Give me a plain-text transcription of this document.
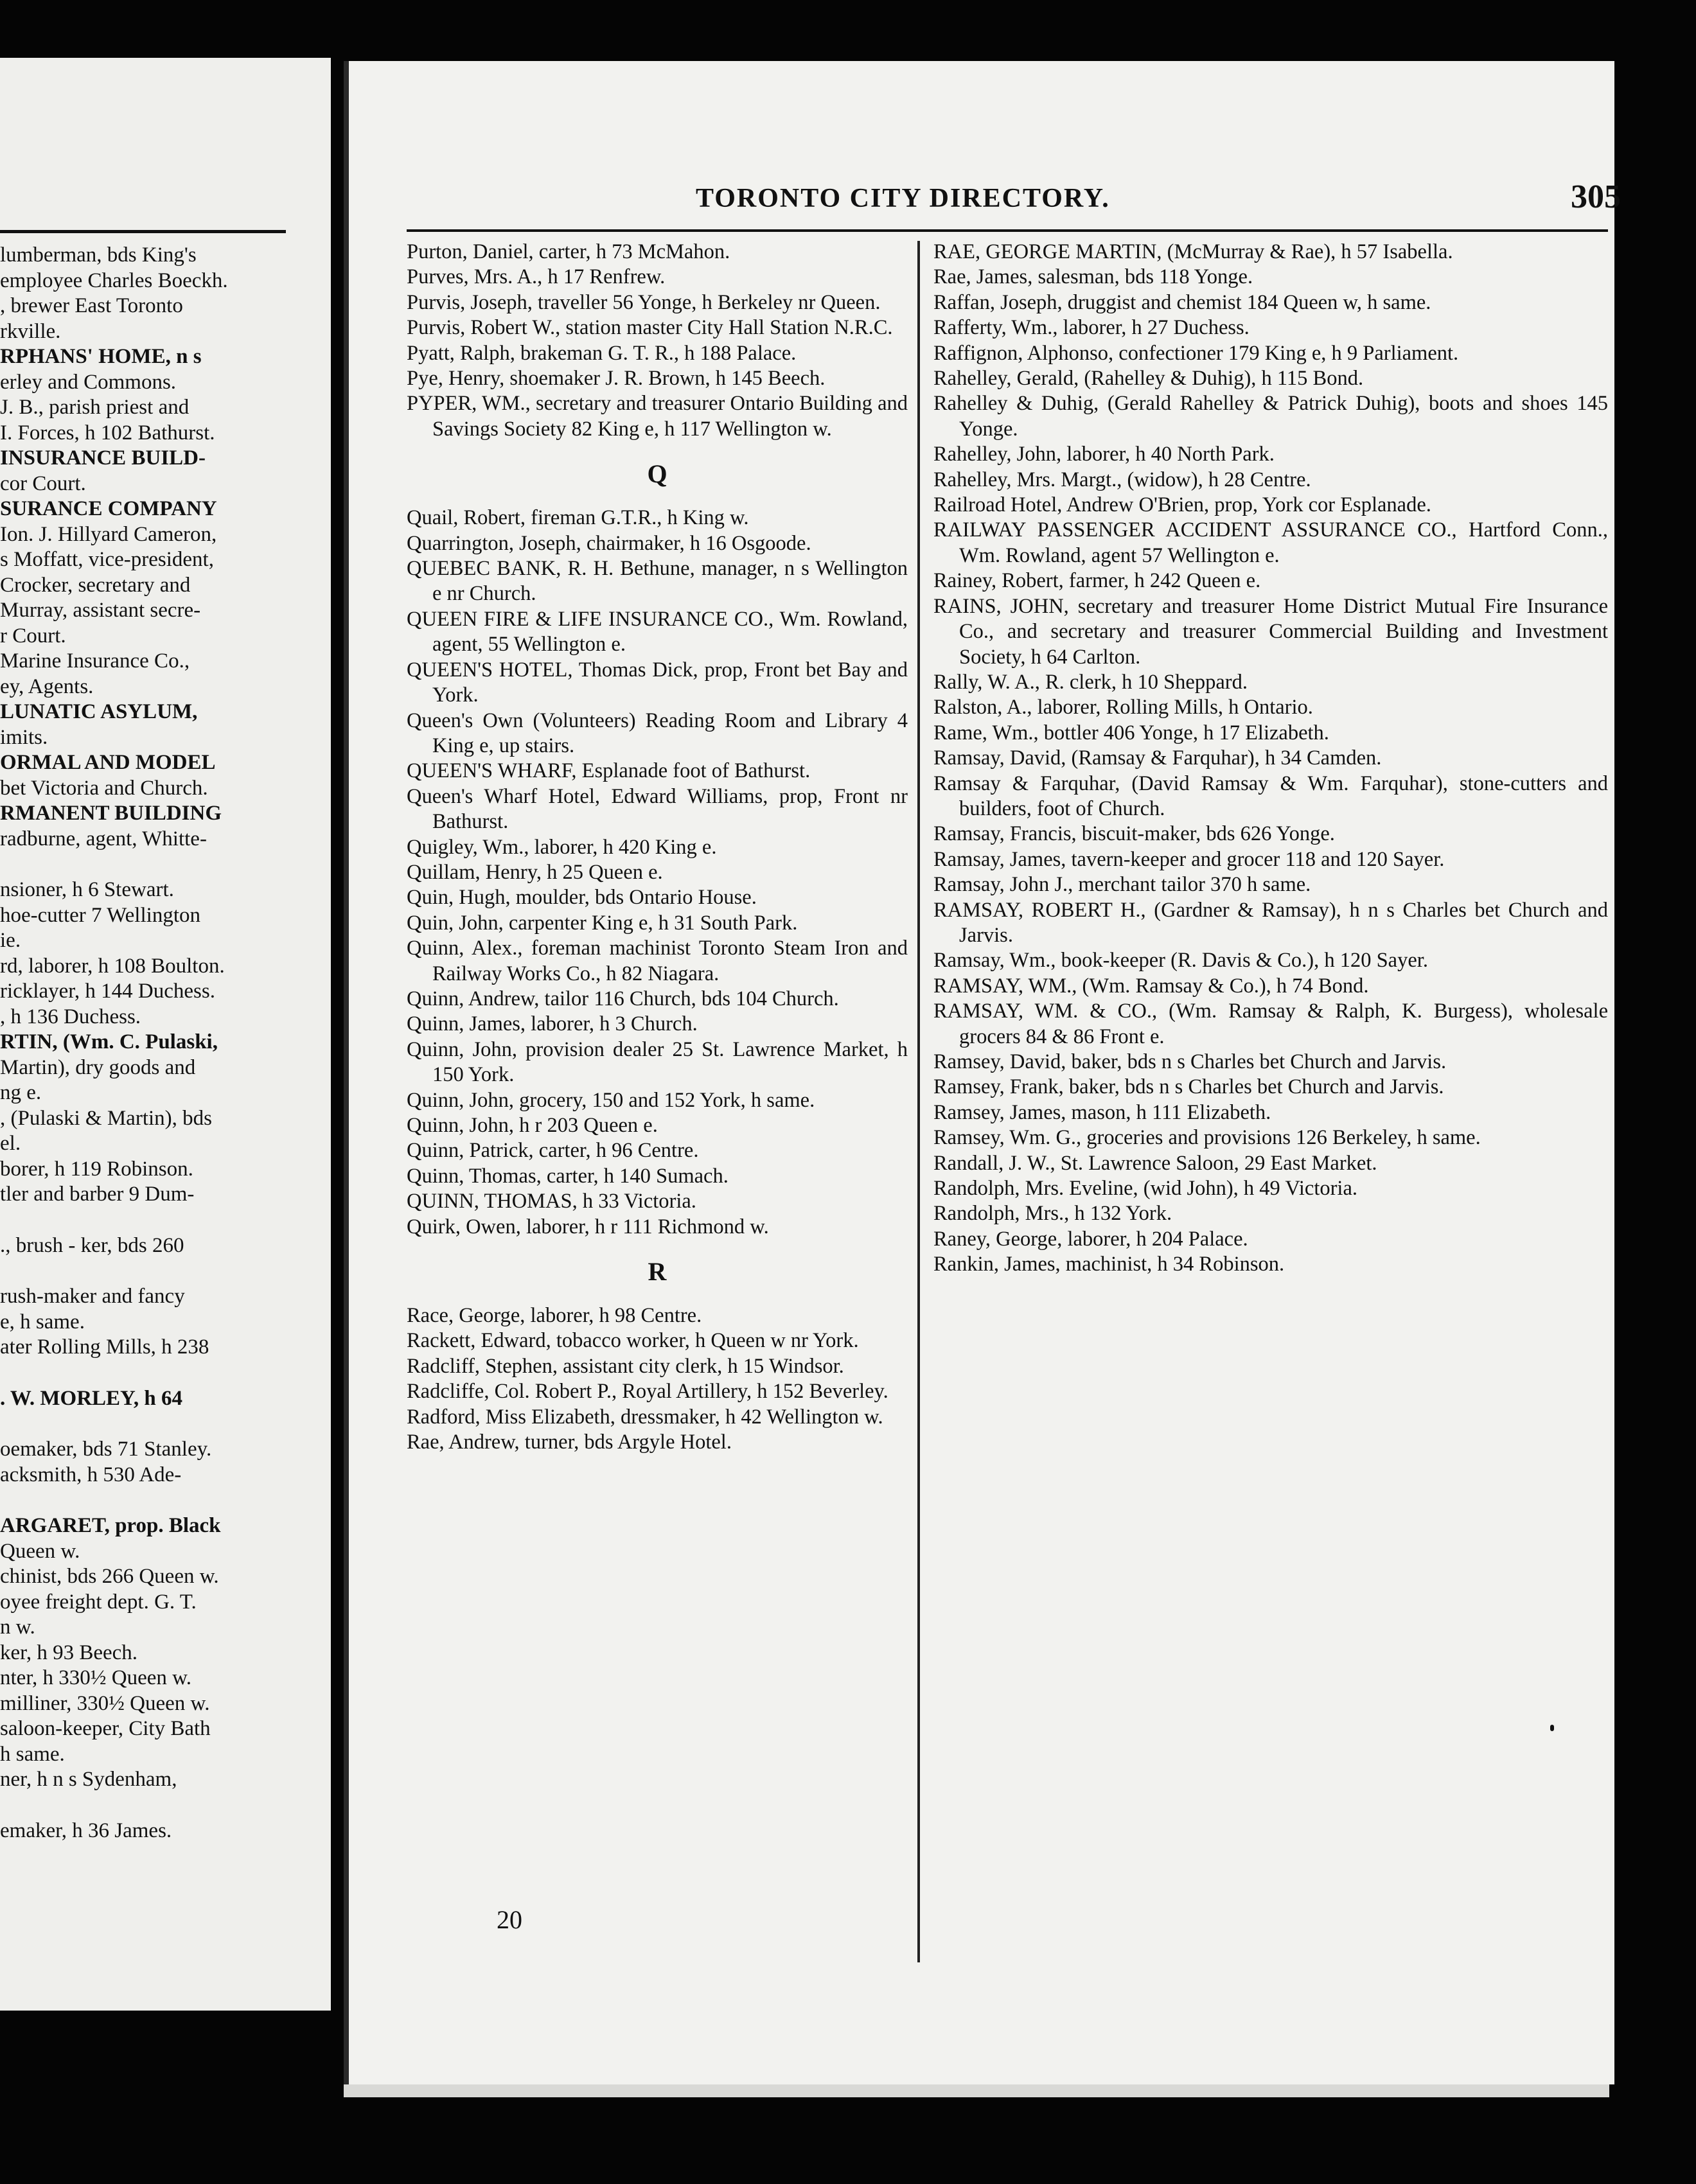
lumberman, bds King's
employee Charles Boeckh.
, brewer East Toronto
rkville.
RPHANS' HOME, n s
erley and Commons.
J. B., parish priest and
I. Forces, h 102 Bathurst.
INSURANCE BUILD-
cor Court.
SURANCE COMPANY
Ion. J. Hillyard Cameron,
s Moffatt, vice-president,
Crocker, secretary and
Murray, assistant secre-
r Court.
Marine Insurance Co.,
ey, Agents.
LUNATIC ASYLUM,
imits.
ORMAL AND MODEL
bet Victoria and Church.
RMANENT BUILDING
radburne, agent, Whitte-
nsioner, h 6 Stewart.
hoe-cutter 7 Wellington
ie.
rd, laborer, h 108 Boulton.
ricklayer, h 144 Duchess.
, h 136 Duchess.
RTIN, (Wm. C. Pulaski,
Martin), dry goods and
ng e.
, (Pulaski & Martin), bds
el.
borer, h 119 Robinson.
tler and barber 9 Dum-
., brush - ker, bds 260
rush-maker and fancy
e, h same.
ater Rolling Mills, h 238
. W. MORLEY, h 64
oemaker, bds 71 Stanley.
acksmith, h 530 Ade-
ARGARET, prop. Black
Queen w.
chinist, bds 266 Queen w.
oyee freight dept. G. T.
n w.
ker, h 93 Beech.
nter, h 330½ Queen w.
milliner, 330½ Queen w.
saloon-keeper, City Bath
h same.
ner, h n s Sydenham,
emaker, h 36 James.
TORONTO CITY DIRECTORY.	305

Purton, Daniel, carter, h 73 McMahon.

Purves, Mrs. A., h 17 Renfrew.

Purvis, Joseph, traveller 56 Yonge, h Berkeley nr Queen.

Purvis, Robert W., station master City Hall Station N.R.C.

Pyatt, Ralph, brakeman G. T. R., h 188 Palace.

Pye, Henry, shoemaker J. R. Brown, h 145 Beech.

PYPER, WM., secretary and treasurer Ontario Building and Savings Society 82 King e, h 117 Wellington w.

Q

Quail, Robert, fireman G.T.R., h King w.

Quarrington, Joseph, chairmaker, h 16 Osgoode.

QUEBEC BANK, R. H. Bethune, manager, n s Wellington e nr Church.

QUEEN FIRE & LIFE INSURANCE CO., Wm. Rowland, agent, 55 Wellington e.

QUEEN'S HOTEL, Thomas Dick, prop, Front bet Bay and York.

Queen's Own (Volunteers) Reading Room and Library 4 King e, up stairs.

QUEEN'S WHARF, Esplanade foot of Bathurst.

Queen's Wharf Hotel, Edward Williams, prop, Front nr Bathurst.

Quigley, Wm., laborer, h 420 King e.

Quillam, Henry, h 25 Queen e.

Quin, Hugh, moulder, bds Ontario House.

Quin, John, carpenter King e, h 31 South Park.

Quinn, Alex., foreman machinist Toronto Steam Iron and Railway Works Co., h 82 Niagara.

Quinn, Andrew, tailor 116 Church, bds 104 Church.

Quinn, James, laborer, h 3 Church.

Quinn, John, provision dealer 25 St. Lawrence Market, h 150 York.

Quinn, John, grocery, 150 and 152 York, h same.

Quinn, John, h r 203 Queen e.

Quinn, Patrick, carter, h 96 Centre.

Quinn, Thomas, carter, h 140 Sumach.

QUINN, THOMAS, h 33 Victoria.

Quirk, Owen, laborer, h r 111 Richmond w.

R

Race, George, laborer, h 98 Centre.

Rackett, Edward, tobacco worker, h Queen w nr York.

Radcliff, Stephen, assistant city clerk, h 15 Windsor.

Radcliffe, Col. Robert P., Royal Artillery, h 152 Beverley.

Radford, Miss Elizabeth, dressmaker, h 42 Wellington w.

Rae, Andrew, turner, bds Argyle Hotel.

RAE, GEORGE MARTIN, (McMurray & Rae), h 57 Isabella.

Rae, James, salesman, bds 118 Yonge.

Raffan, Joseph, druggist and chemist 184 Queen w, h same.

Rafferty, Wm., laborer, h 27 Duchess.

Raffignon, Alphonso, confectioner 179 King e, h 9 Parliament.

Rahelley, Gerald, (Rahelley & Duhig), h 115 Bond.

Rahelley & Duhig, (Gerald Rahelley & Patrick Duhig), boots and shoes 145 Yonge.

Rahelley, John, laborer, h 40 North Park.

Rahelley, Mrs. Margt., (widow), h 28 Centre.

Railroad Hotel, Andrew O'Brien, prop, York cor Esplanade.

RAILWAY PASSENGER ACCIDENT ASSURANCE CO., Hartford Conn., Wm. Rowland, agent 57 Wellington e.

Rainey, Robert, farmer, h 242 Queen e.

RAINS, JOHN, secretary and treasurer Home District Mutual Fire Insurance Co., and secretary and treasurer Commercial Building and Investment Society, h 64 Carlton.

Rally, W. A., R. clerk, h 10 Sheppard.

Ralston, A., laborer, Rolling Mills, h Ontario.

Rame, Wm., bottler 406 Yonge, h 17 Elizabeth.

Ramsay, David, (Ramsay & Farquhar), h 34 Camden.

Ramsay & Farquhar, (David Ramsay & Wm. Farquhar), stone-cutters and builders, foot of Church.

Ramsay, Francis, biscuit-maker, bds 626 Yonge.

Ramsay, James, tavern-keeper and grocer 118 and 120 Sayer.

Ramsay, John J., merchant tailor 370 h same.

RAMSAY, ROBERT H., (Gardner & Ramsay), h n s Charles bet Church and Jarvis.

Ramsay, Wm., book-keeper (R. Davis & Co.), h 120 Sayer.

RAMSAY, WM., (Wm. Ramsay & Co.), h 74 Bond.

RAMSAY, WM. & CO., (Wm. Ramsay & Ralph, K. Burgess), wholesale grocers 84 & 86 Front e.

Ramsey, David, baker, bds n s Charles bet Church and Jarvis.

Ramsey, Frank, baker, bds n s Charles bet Church and Jarvis.

Ramsey, James, mason, h 111 Elizabeth.

Ramsey, Wm. G., groceries and provisions 126 Berkeley, h same.

Randall, J. W., St. Lawrence Saloon, 29 East Market.

Randolph, Mrs. Eveline, (wid John), h 49 Victoria.

Randolph, Mrs., h 132 York.

Raney, George, laborer, h 204 Palace.

Rankin, James, machinist, h 34 Robinson.

20
